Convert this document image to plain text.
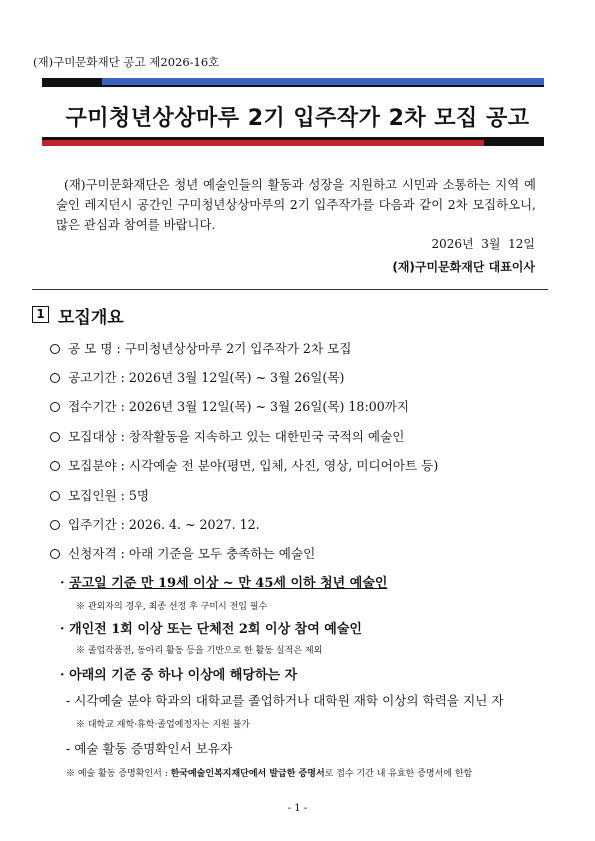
(재)구미문화재단 공고 제2026-16호
구미청년상상마루 2기 입주작가 2차 모집 공고

(재)구미문화재단은 청년 예술인들의 활동과 성장을 지원하고 시민과 소통하는 지역 예술인 레지던시 공간인 구미청년상상마루의 2기 입주작가를 다음과 같이 2차 모집하오니, 많은 관심과 참여를 바랍니다.

2026년  3월  12일
(재)구미문화재단 대표이사
1 모집개요
공 모 명 : 구미청년상상마루 2기 입주작가 2차 모집
공고기간 : 2026년 3월 12일(목) ~ 3월 26일(목)
접수기간 : 2026년 3월 12일(목) ~ 3월 26일(목) 18:00까지
모집대상 : 창작활동을 지속하고 있는 대한민국 국적의 예술인
모집분야 : 시각예술 전 분야(평면, 입체, 사진, 영상, 미디어아트 등)
모집인원 : 5명
입주기간 : 2026. 4. ~ 2027. 12.
신청자격 : 아래 기준을 모두 충족하는 예술인
· 공고일 기준 만 19세 이상 ~ 만 45세 이하 청년 예술인
※ 관외자의 경우, 최종 선정 후 구미시 전입 필수
· 개인전 1회 이상 또는 단체전 2회 이상 참여 예술인
※ 졸업작품전, 동아리 활동 등을 기반으로 한 활동 실적은 제외
· 아래의 기준 중 하나 이상에 해당하는 자
- 시각예술 분야 학과의 대학교를 졸업하거나 대학원 재학 이상의 학력을 지닌 자
※ 대학교 재학·휴학·졸업예정자는 지원 불가
- 예술 활동 증명확인서 보유자
※ 예술 활동 증명확인서 : 한국예술인복지재단에서 발급한 증명서로 접수 기간 내 유효한 증명서에 한함
- 1 -
